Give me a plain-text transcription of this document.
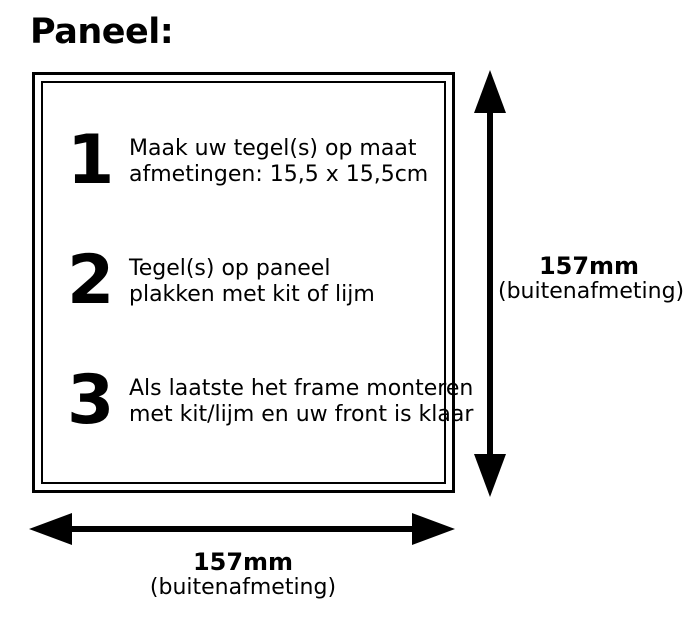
Paneel:
1 Maak uw tegel(s) op maat
afmetingen: 15,5 x 15,5cm
2 Tegel(s) op paneel
plakken met kit of lijm
3 Als laatste het frame monteren
met kit/lijm en uw front is klaar
157mm
(buitenafmeting)
157mm
(buitenafmeting)
